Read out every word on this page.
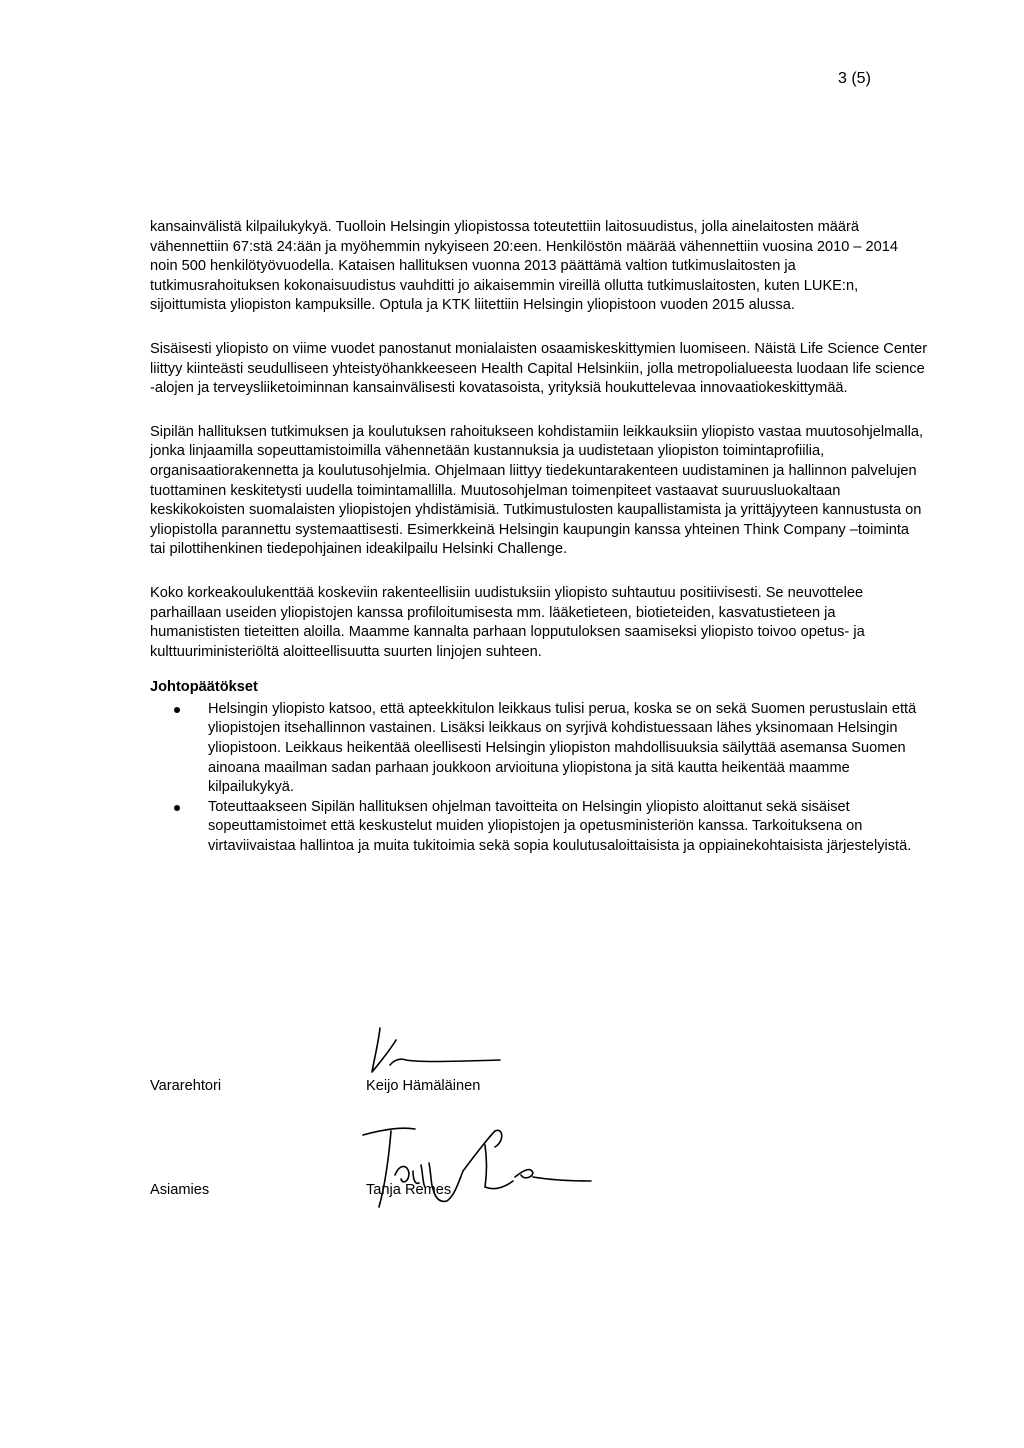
3 (5)

kansainvälistä kilpailukykyä. Tuolloin Helsingin yliopistossa toteutettiin laitosuudistus, jolla ainelaitosten määrä vähennettiin 67:stä 24:ään ja myöhemmin nykyiseen 20:een. Henkilöstön määrää vähennettiin vuosina 2010 – 2014 noin 500 henkilötyövuodella. Kataisen hallituksen vuonna 2013 päättämä valtion tutkimuslaitosten ja tutkimusrahoituksen kokonaisuudistus vauhditti jo aikaisemmin vireillä ollutta tutkimuslaitosten, kuten LUKE:n, sijoittumista yliopiston kampuksille. Optula ja KTK liitettiin Helsingin yliopistoon vuoden 2015 alussa.

Sisäisesti yliopisto on viime vuodet panostanut monialaisten osaamiskeskittymien luomiseen. Näistä Life Science Center liittyy kiinteästi seudulliseen yhteistyöhankkeeseen Health Capital Helsinkiin, jolla metropolialueesta luodaan life science -alojen ja terveysliiketoiminnan kansainvälisesti kovatasoista, yrityksiä houkuttelevaa innovaatiokeskittymää.

Sipilän hallituksen tutkimuksen ja koulutuksen rahoitukseen kohdistamiin leikkauksiin yliopisto vastaa muutosohjelmalla, jonka linjaamilla sopeuttamistoimilla vähennetään kustannuksia ja uudistetaan yliopiston toimintaprofiilia, organisaatiorakennetta ja koulutusohjelmia. Ohjelmaan liittyy tiedekuntarakenteen uudistaminen ja hallinnon palvelujen tuottaminen keskitetysti uudella toimintamallilla. Muutosohjelman toimenpiteet vastaavat suuruusluokaltaan keskikokoisten suomalaisten yliopistojen yhdistämisiä. Tutkimustulosten kaupallistamista ja yrittäjyyteen kannustusta on yliopistolla parannettu systemaattisesti. Esimerkkeinä Helsingin kaupungin kanssa yhteinen Think Company –toiminta tai pilottihenkinen tiedepohjainen ideakilpailu Helsinki Challenge.

Koko korkeakoulukenttää koskeviin rakenteellisiin uudistuksiin yliopisto suhtautuu positiivisesti. Se neuvottelee parhaillaan useiden yliopistojen kanssa profiloitumisesta mm. lääketieteen, biotieteiden, kasvatustieteen ja humanististen tieteitten aloilla. Maamme kannalta parhaan lopputuloksen saamiseksi yliopisto toivoo opetus- ja kulttuuriministeriöltä aloitteellisuutta suurten linjojen suhteen.

Johtopäätökset
Helsingin yliopisto katsoo, että apteekkitulon leikkaus tulisi perua, koska se on sekä Suomen perustuslain että yliopistojen itsehallinnon vastainen. Lisäksi leikkaus on syrjivä kohdistuessaan lähes yksinomaan Helsingin yliopistoon. Leikkaus heikentää oleellisesti Helsingin yliopiston mahdollisuuksia säilyttää asemansa Suomen ainoana maailman sadan parhaan joukkoon arvioituna yliopistona ja sitä kautta heikentää maamme kilpailukykyä.
Toteuttaakseen Sipilän hallituksen ohjelman tavoitteita on Helsingin yliopisto aloittanut sekä sisäiset sopeuttamistoimet että keskustelut muiden yliopistojen ja opetusministeriön kanssa. Tarkoituksena on virtaviivaistaa hallintoa ja muita tukitoimia sekä sopia koulutusaloittaisista ja oppiainekohtaisista järjestelyistä.
Vararehtori	Keijo Hämäläinen
Asiamies	Tanja Remes
